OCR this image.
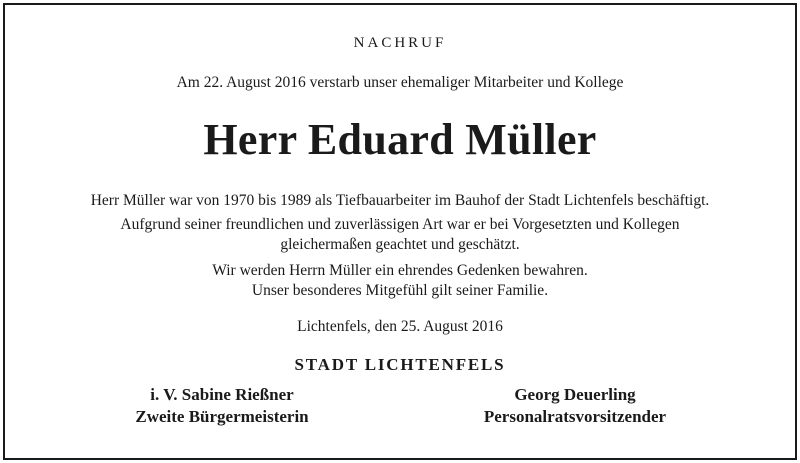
NACHRUF
Am 22. August 2016 verstarb unser ehemaliger Mitarbeiter und Kollege
Herr Eduard Müller
Herr Müller war von 1970 bis 1989 als Tiefbauarbeiter im Bauhof der Stadt Lichtenfels beschäftigt.
Aufgrund seiner freundlichen und zuverlässigen Art war er bei Vorgesetzten und Kollegen
gleichermaßen geachtet und geschätzt.
Wir werden Herrn Müller ein ehrendes Gedenken bewahren.
Unser besonderes Mitgefühl gilt seiner Familie.
Lichtenfels, den 25. August 2016
STADT LICHTENFELS
i. V. Sabine Rießner
Zweite Bürgermeisterin
Georg Deuerling
Personalratsvorsitzender
